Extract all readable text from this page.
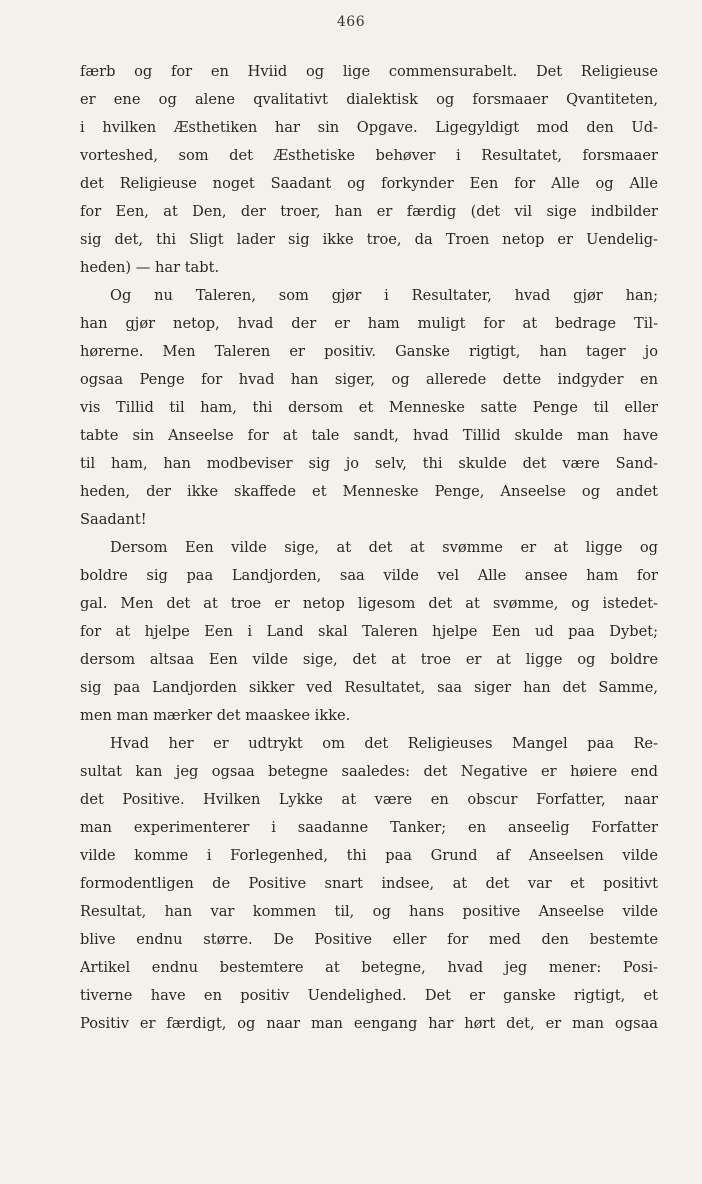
466
færb og for en Hviid og lige commensurabelt. Det Religieuse
er ene og alene qvalitativt dialektisk og forsmaaer Qvantiteten,
i hvilken Æsthetiken har sin Opgave. Ligegyldigt mod den Ud-
vorteshed, som det Æsthetiske behøver i Resultatet, forsmaaer
det Religieuse noget Saadant og forkynder Een for Alle og Alle
for Een, at Den, der troer, han er færdig (det vil sige indbilder
sig det, thi Sligt lader sig ikke troe, da Troen netop er Uendelig-
heden) — har tabt.
Og nu Taleren, som gjør i Resultater, hvad gjør han;
han gjør netop, hvad der er ham muligt for at bedrage Til-
hørerne. Men Taleren er positiv. Ganske rigtigt, han tager jo
ogsaa Penge for hvad han siger, og allerede dette indgyder en
vis Tillid til ham, thi dersom et Menneske satte Penge til eller
tabte sin Anseelse for at tale sandt, hvad Tillid skulde man have
til ham, han modbeviser sig jo selv, thi skulde det være Sand-
heden, der ikke skaffede et Menneske Penge, Anseelse og andet
Saadant!
Dersom Een vilde sige, at det at svømme er at ligge og
boldre sig paa Landjorden, saa vilde vel Alle ansee ham for
gal. Men det at troe er netop ligesom det at svømme, og istedet-
for at hjelpe Een i Land skal Taleren hjelpe Een ud paa Dybet;
dersom altsaa Een vilde sige, det at troe er at ligge og boldre
sig paa Landjorden sikker ved Resultatet, saa siger han det Samme,
men man mærker det maaskee ikke.
Hvad her er udtrykt om det Religieuses Mangel paa Re-
sultat kan jeg ogsaa betegne saaledes: det Negative er høiere end
det Positive. Hvilken Lykke at være en obscur Forfatter, naar
man experimenterer i saadanne Tanker; en anseelig Forfatter
vilde komme i Forlegenhed, thi paa Grund af Anseelsen vilde
formodentligen de Positive snart indsee, at det var et positivt
Resultat, han var kommen til, og hans positive Anseelse vilde
blive endnu større. De Positive eller for med den bestemte
Artikel endnu bestemtere at betegne, hvad jeg mener: Posi-
tiverne have en positiv Uendelighed. Det er ganske rigtigt, et
Positiv er færdigt, og naar man eengang har hørt det, er man ogsaa
